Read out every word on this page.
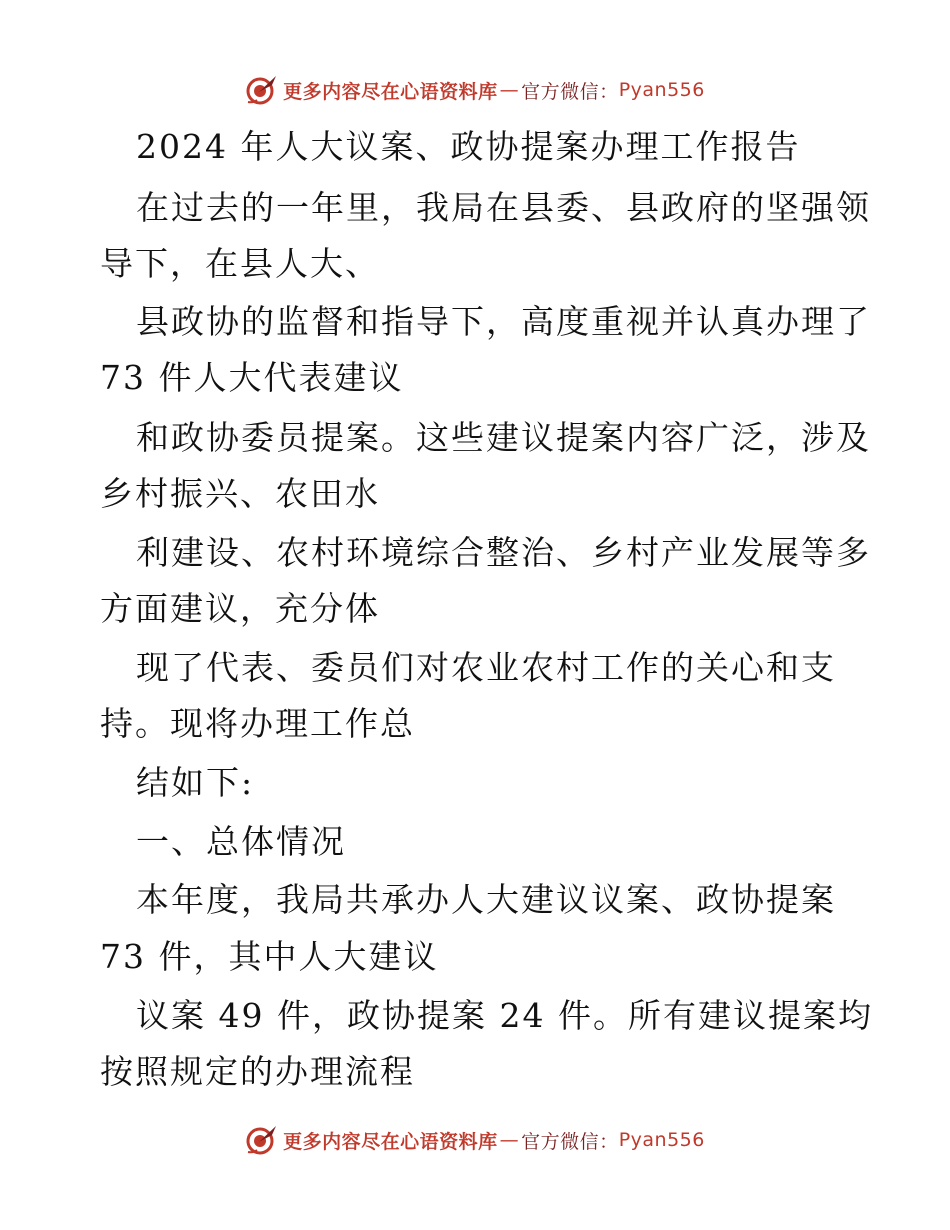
更多内容尽在心语资料库 — 官方微信： Pyan556
2024 年人大议案、政协提案办理工作报告
在过去的一年里，我局在县委、县政府的坚强领
导下，在县人大、
县政协的监督和指导下，高度重视并认真办理了
73 件人大代表建议
和政协委员提案。这些建议提案内容广泛，涉及
乡村振兴、农田水
利建设、农村环境综合整治、乡村产业发展等多
方面建议，充分体
现了代表、委员们对农业农村工作的关心和支
持。现将办理工作总
结如下:
一、总体情况
本年度，我局共承办人大建议议案、政协提案
73 件，其中人大建议
议案 49 件，政协提案 24 件。所有建议提案均
按照规定的办理流程
更多内容尽在心语资料库 — 官方微信： Pyan556
